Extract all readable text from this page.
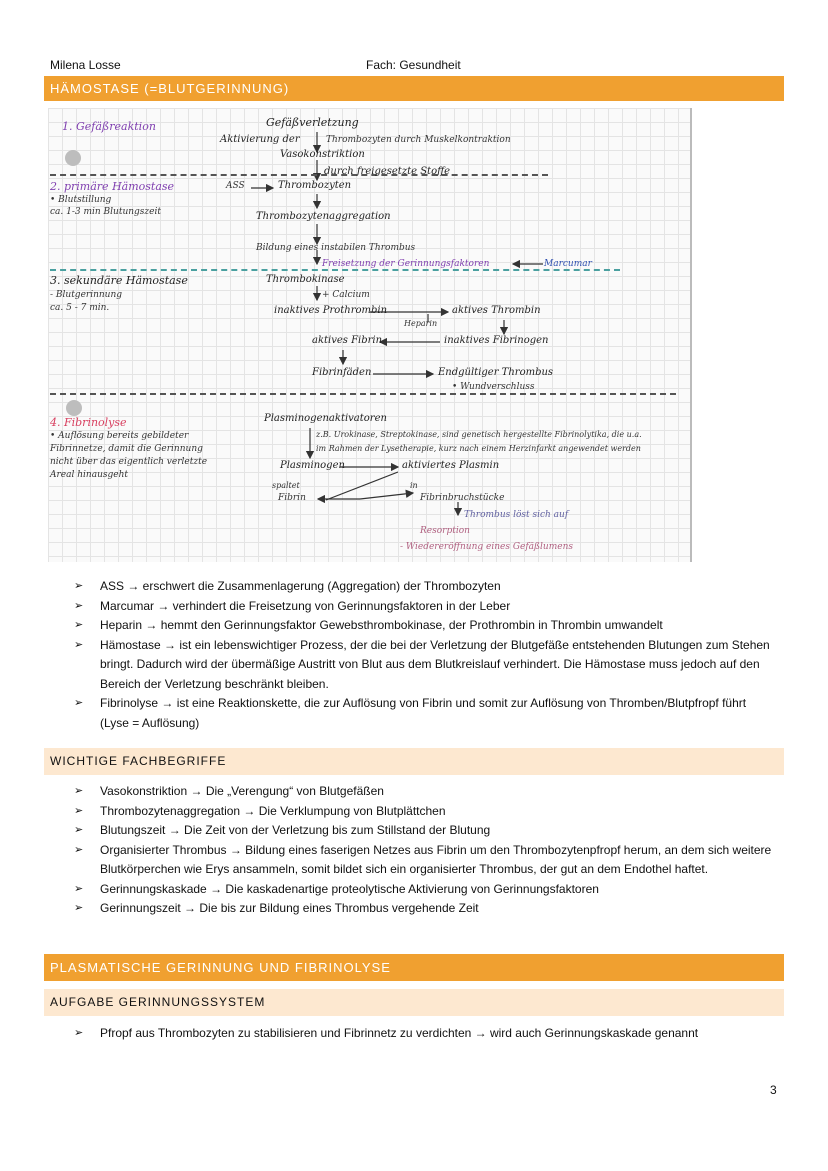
Milena Losse	Fach: Gesundheit
HÄMOSTASE (=BLUTGERINNUNG)
1. Gefäßreaktion
2. primäre Hämostase
• Blutstillung
ca. 1-3 min Blutungszeit
3. sekundäre Hämostase
- Blutgerinnung
ca. 5 - 7 min.
4. Fibrinolyse
• Auflösung bereits gebildeter
Fibrinnetze, damit die Gerinnung
nicht über das eigentlich verletzte
Areal hinausgeht
Gefäßverletzung
Aktivierung der	Thrombozyten durch Muskelkontraktion
Vasokonstriktion
durch freigesetzte Stoffe
ASS	Thrombozyten
Thrombozytenaggregation
Bildung eines instabilen Thrombus
Freisetzung der Gerinnungsfaktoren	Marcumar
Thrombokinase
+ Calcium
inaktives Prothrombin	aktives Thrombin
Heparin
aktives Fibrin	inaktives Fibrinogen
Fibrinfäden	Endgültiger Thrombus
• Wundverschluss
Plasminogenaktivatoren
z.B. Urokinase, Streptokinase, sind genetisch hergestellte Fibrinolytika, die u.a.
im Rahmen der Lysetherapie, kurz nach einem Herzinfarkt angewendet werden
Plasminogen	aktiviertes Plasmin
spaltet
Fibrin
in
Fibrinbruchstücke
Thrombus löst sich auf
Resorption
- Wiedereröffnung eines Gefäßlumens
➢ ASS → erschwert die Zusammenlagerung (Aggregation) der Thrombozyten
➢ Marcumar → verhindert die Freisetzung von Gerinnungsfaktoren in der Leber
➢ Heparin → hemmt den Gerinnungsfaktor Gewebsthrombokinase, der Prothrombin in Thrombin umwandelt
➢ Hämostase → ist ein lebenswichtiger Prozess, der die bei der Verletzung der Blutgefäße entstehenden Blutungen zum Stehen bringt. Dadurch wird der übermäßige Austritt von Blut aus dem Blutkreislauf verhindert. Die Hämostase muss jedoch auf den Bereich der Verletzung beschränkt bleiben.
➢ Fibrinolyse → ist eine Reaktionskette, die zur Auflösung von Fibrin und somit zur Auflösung von Thromben/Blutpfropf führt (Lyse = Auflösung)
WICHTIGE FACHBEGRIFFE
➢ Vasokonstriktion → Die „Verengung“ von Blutgefäßen
➢ Thrombozytenaggregation → Die Verklumpung von Blutplättchen
➢ Blutungszeit → Die Zeit von der Verletzung bis zum Stillstand der Blutung
➢ Organisierter Thrombus → Bildung eines faserigen Netzes aus Fibrin um den Thrombozytenpfropf herum, an dem sich weitere Blutkörperchen wie Erys ansammeln, somit bildet sich ein organisierter Thrombus, der gut an dem Endothel haftet.
➢ Gerinnungskaskade → Die kaskadenartige proteolytische Aktivierung von Gerinnungsfaktoren
➢ Gerinnungszeit → Die bis zur Bildung eines Thrombus vergehende Zeit
PLASMATISCHE GERINNUNG UND FIBRINOLYSE
AUFGABE GERINNUNGSSYSTEM
➢ Pfropf aus Thrombozyten zu stabilisieren und Fibrinnetz zu verdichten → wird auch Gerinnungskaskade genannt
3
